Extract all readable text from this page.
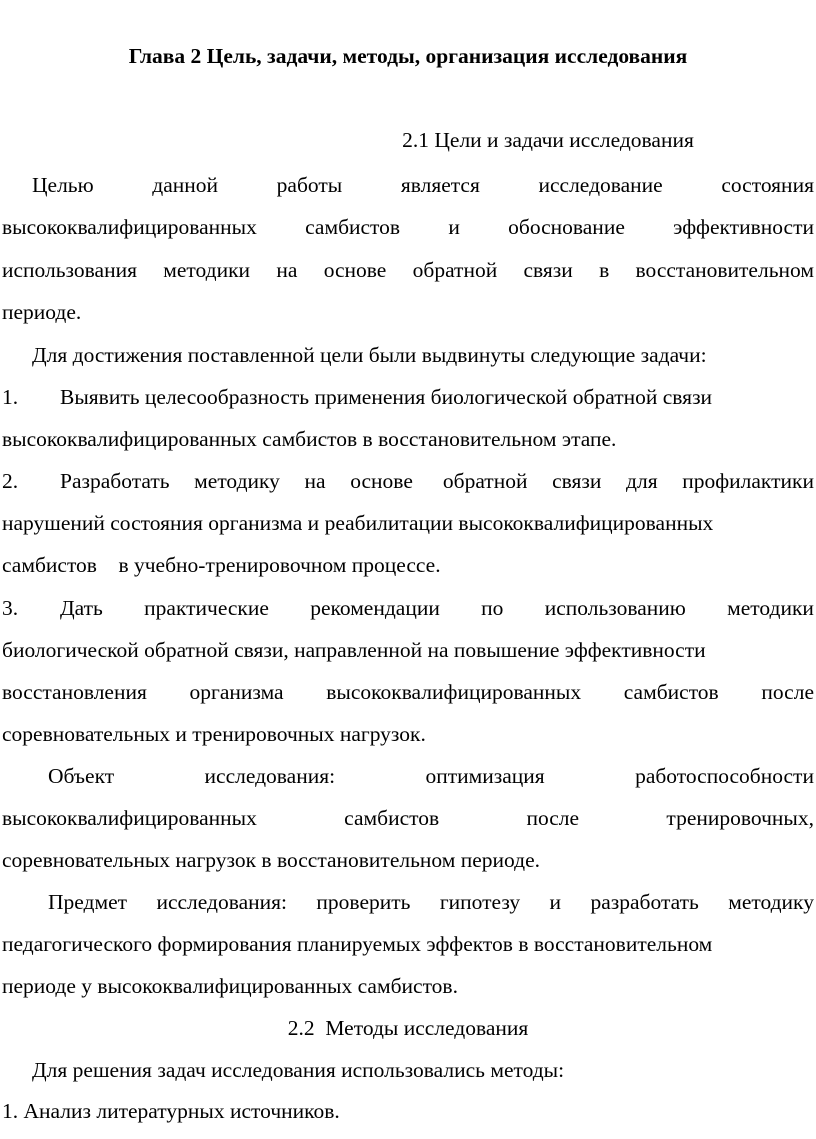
Глава 2 Цель, задачи, методы, организация исследования
2.1 Цели и задачи исследования
Целью	данной	работы	является	исследование	состояния
высококвалифицированных самбистов и обоснование эффективности
использования методики на основе обратной связи в восстановительном
периоде.
Для достижения поставленной цели были выдвинуты следующие задачи:
1. Выявить целесообразность применения биологической обратной связи
высококвалифицированных самбистов в восстановительном этапе.
2.	Разработать методику на основе обратной связи для профилактики
нарушений состояния организма и реабилитации высококвалифицированных
самбистов    в учебно-тренировочном процессе.
3.	Дать практические рекомендации по использованию методики
биологической обратной связи, направленной на повышение эффективности
восстановления организма высококвалифицированных самбистов после
соревновательных и тренировочных нагрузок.
Объект	исследования:	оптимизация	работоспособности
высококвалифицированных	самбистов	после	тренировочных,
соревновательных нагрузок в восстановительном периоде.
Предмет исследования: проверить гипотезу и разработать методику
педагогического формирования планируемых эффектов в восстановительном
периоде у высококвалифицированных самбистов.
2.2  Методы исследования
Для решения задач исследования использовались методы:
1. Анализ литературных источников.
